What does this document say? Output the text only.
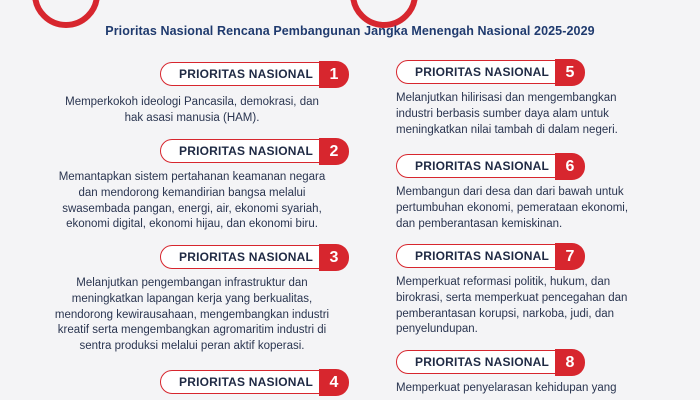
Prioritas Nasional Rencana Pembangunan Jangka Menengah Nasional 2025-2029
PRIORITAS NASIONAL	1
Memperkokoh ideologi Pancasila, demokrasi, dan
hak asasi manusia (HAM).
PRIORITAS NASIONAL	2
Memantapkan sistem pertahanan keamanan negara
dan mendorong kemandirian bangsa melalui
swasembada pangan, energi, air, ekonomi syariah,
ekonomi digital, ekonomi hijau, dan ekonomi biru.
PRIORITAS NASIONAL	3
Melanjutkan pengembangan infrastruktur dan
meningkatkan lapangan kerja yang berkualitas,
mendorong kewirausahaan, mengembangkan industri
kreatif serta mengembangkan agromaritim industri di
sentra produksi melalui peran aktif koperasi.
PRIORITAS NASIONAL	4
PRIORITAS NASIONAL	5
Melanjutkan hilirisasi dan mengembangkan
industri berbasis sumber daya alam untuk
meningkatkan nilai tambah di dalam negeri.
PRIORITAS NASIONAL	6
Membangun dari desa dan dari bawah untuk
pertumbuhan ekonomi, pemerataan ekonomi,
dan pemberantasan kemiskinan.
PRIORITAS NASIONAL	7
Memperkuat reformasi politik, hukum, dan
birokrasi, serta memperkuat pencegahan dan
pemberantasan korupsi, narkoba, judi, dan
penyelundupan.
PRIORITAS NASIONAL	8
Memperkuat penyelarasan kehidupan yang
